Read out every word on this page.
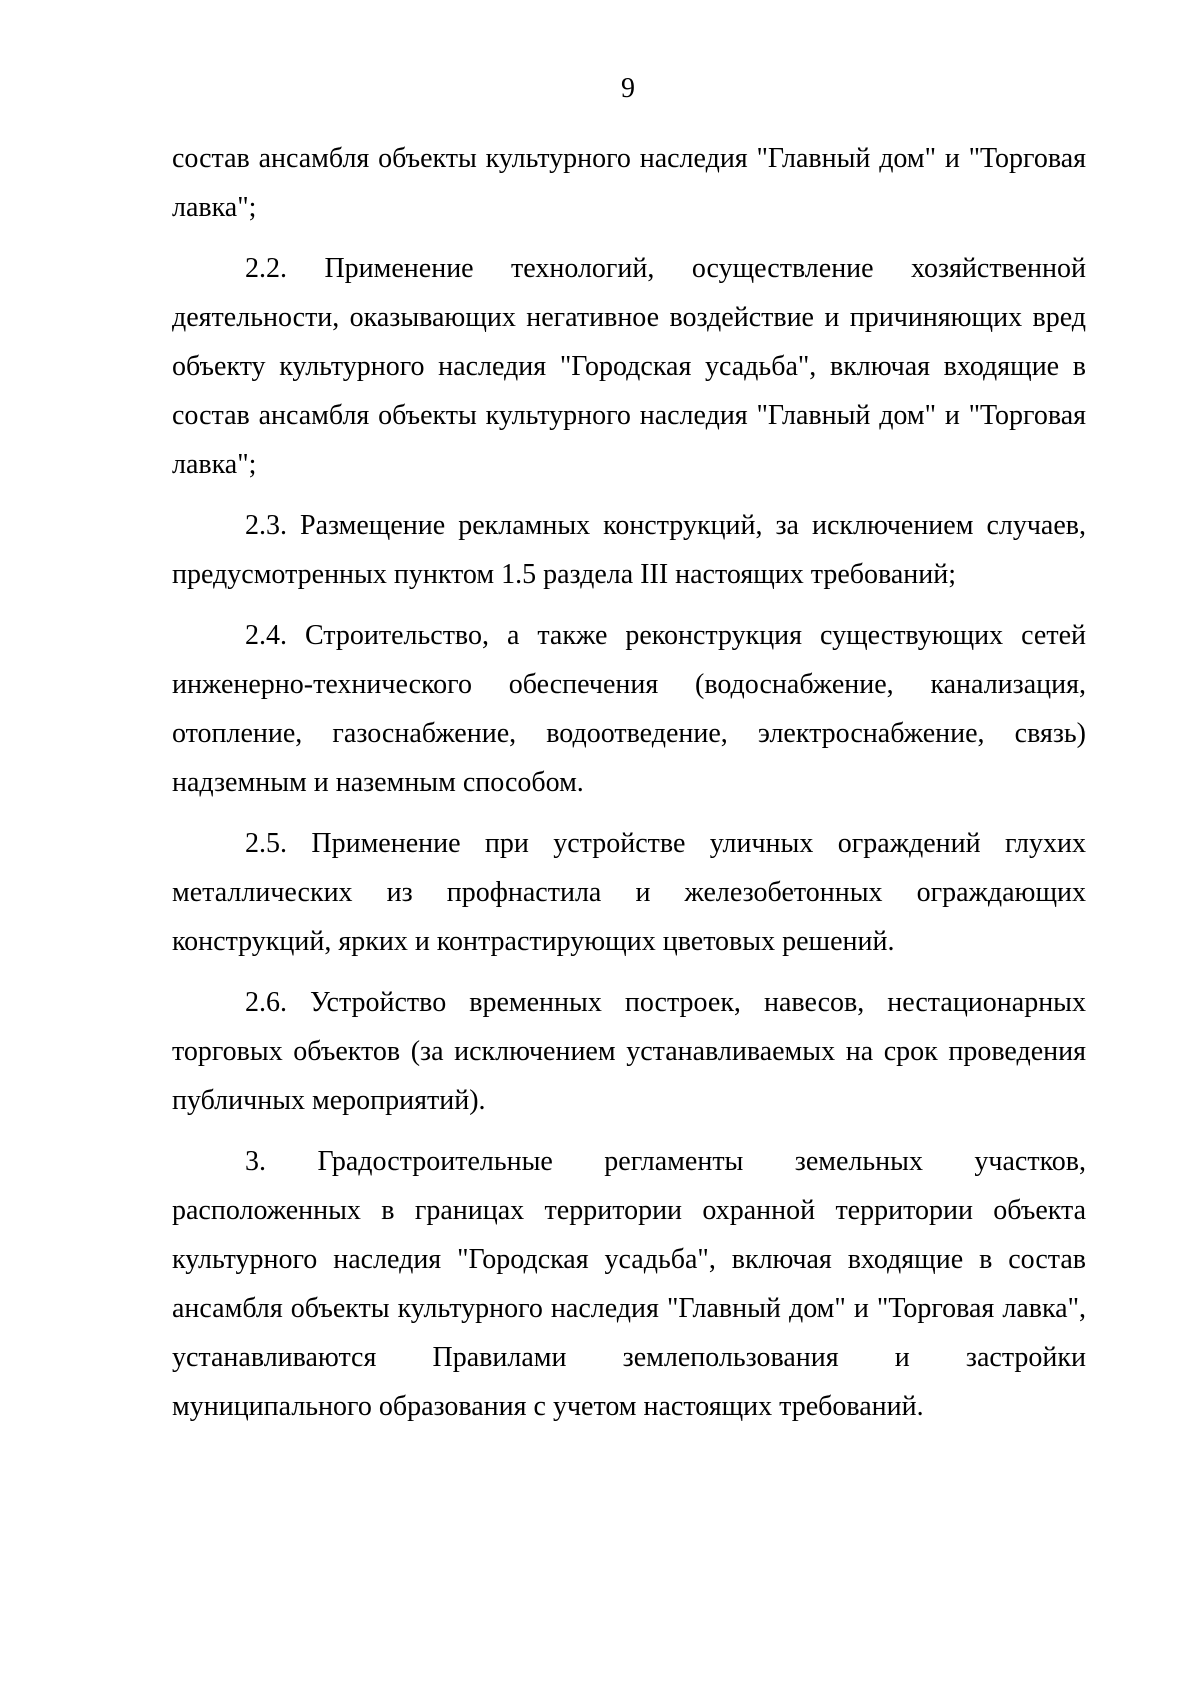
9

состав ансамбля объекты культурного наследия "Главный дом" и "Торговая лавка";

2.2. Применение технологий, осуществление хозяйственной деятельности, оказывающих негативное воздействие и причиняющих вред объекту культурного наследия "Городская усадьба", включая входящие в состав ансамбля объекты культурного наследия "Главный дом" и "Торговая лавка";

2.3. Размещение рекламных конструкций, за исключением случаев, предусмотренных пунктом 1.5 раздела III настоящих требований;

2.4. Строительство, а также реконструкция существующих сетей инженерно-технического обеспечения (водоснабжение, канализация, отопление, газоснабжение, водоотведение, электроснабжение, связь) надземным и наземным способом.

2.5. Применение при устройстве уличных ограждений глухих металлических из профнастила и железобетонных ограждающих конструкций, ярких и контрастирующих цветовых решений.

2.6. Устройство временных построек, навесов, нестационарных торговых объектов (за исключением устанавливаемых на срок проведения публичных мероприятий).

3. Градостроительные регламенты земельных участков, расположенных в границах территории охранной территории объекта культурного наследия "Городская усадьба", включая входящие в состав ансамбля объекты культурного наследия "Главный дом" и "Торговая лавка", устанавливаются Правилами землепользования и застройки муниципального образования с учетом настоящих требований.
